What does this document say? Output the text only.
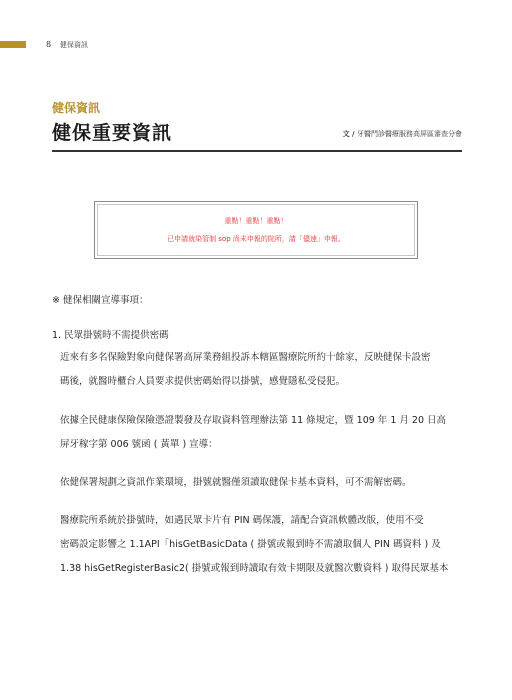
8 健保資訊
健保資訊
健保重要資訊	文 / 牙醫門診醫療服務高屏區審查分會
重點！重點！重點！
已申請就染管制 sop 尚未申報的院所，請「儘速」申報。
※ 健保相關宣導事項：
1. 民眾掛號時不需提供密碼
近來有多名保險對象向健保署高屏業務組投訴本轄區醫療院所約十餘家，反映健保卡設密
碼後，就醫時櫃台人員要求提供密碼始得以掛號，感覺隱私受侵犯。
依據全民健康保險保險憑證製發及存取資料管理辦法第 11 條規定，暨 109 年 1 月 20 日高
屏牙稼字第 006 號函 ( 黃單 ) 宣導：
依健保署規劃之資訊作業環境，掛號就醫僅須讀取健保卡基本資料，可不需解密碼。
醫療院所系統於掛號時，如遇民眾卡片有 PIN 碼保護，請配合資訊軟體改版，使用不受
密碼設定影響之 1.1API「hisGetBasicData ( 掛號或報到時不需讀取個人 PIN 碼資料 ) 及
1.38 hisGetRegisterBasic2( 掛號或報到時讀取有效卡期限及就醫次數資料 ) 取得民眾基本
